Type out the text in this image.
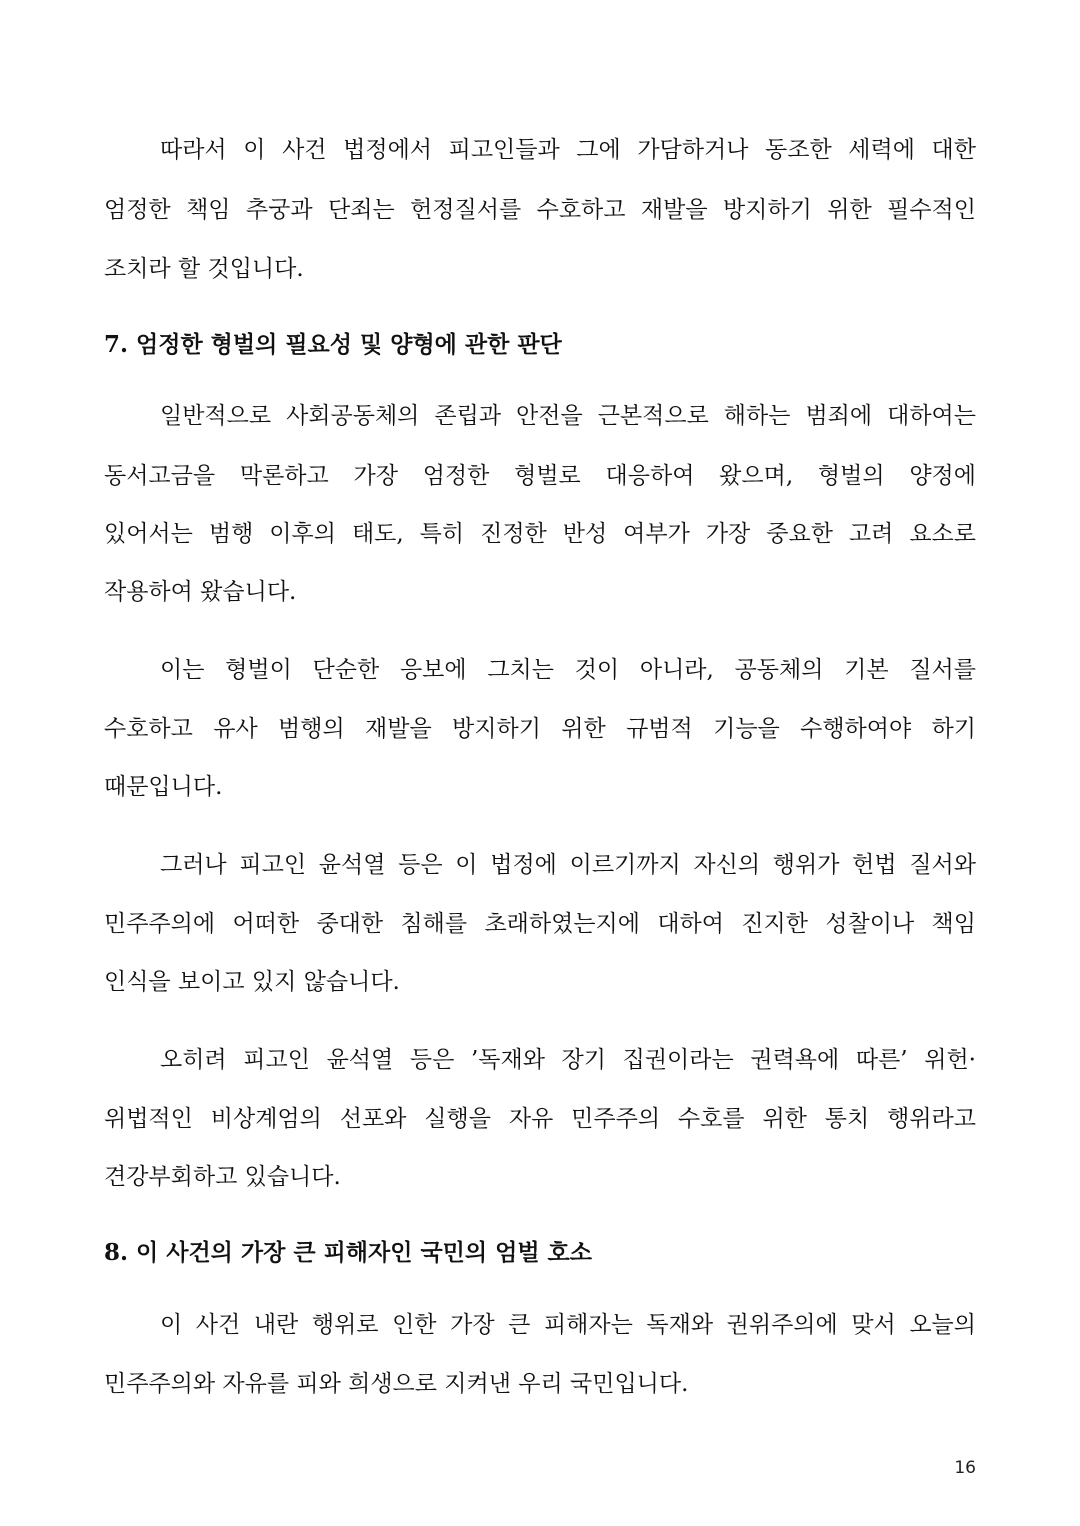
따라서 이 사건 법정에서 피고인들과 그에 가담하거나 동조한 세력에 대한
엄정한 책임 추궁과 단죄는 헌정질서를 수호하고 재발을 방지하기 위한 필수적인
조치라 할 것입니다.
7. 엄정한 형벌의 필요성 및 양형에 관한 판단
일반적으로 사회공동체의 존립과 안전을 근본적으로 해하는 범죄에 대하여는
동서고금을 막론하고 가장 엄정한 형벌로 대응하여 왔으며, 형벌의 양정에
있어서는 범행 이후의 태도, 특히 진정한 반성 여부가 가장 중요한 고려 요소로
작용하여 왔습니다.
이는 형벌이 단순한 응보에 그치는 것이 아니라, 공동체의 기본 질서를
수호하고 유사 범행의 재발을 방지하기 위한 규범적 기능을 수행하여야 하기
때문입니다.
그러나 피고인 윤석열 등은 이 법정에 이르기까지 자신의 행위가 헌법 질서와
민주주의에 어떠한 중대한 침해를 초래하였는지에 대하여 진지한 성찰이나 책임
인식을 보이고 있지 않습니다.
오히려 피고인 윤석열 등은 ’독재와 장기 집권이라는 권력욕에 따른’ 위헌·
위법적인 비상계엄의 선포와 실행을 자유 민주주의 수호를 위한 통치 행위라고
견강부회하고 있습니다.
8. 이 사건의 가장 큰 피해자인 국민의 엄벌 호소
이 사건 내란 행위로 인한 가장 큰 피해자는 독재와 권위주의에 맞서 오늘의
민주주의와 자유를 피와 희생으로 지켜낸 우리 국민입니다.
16
